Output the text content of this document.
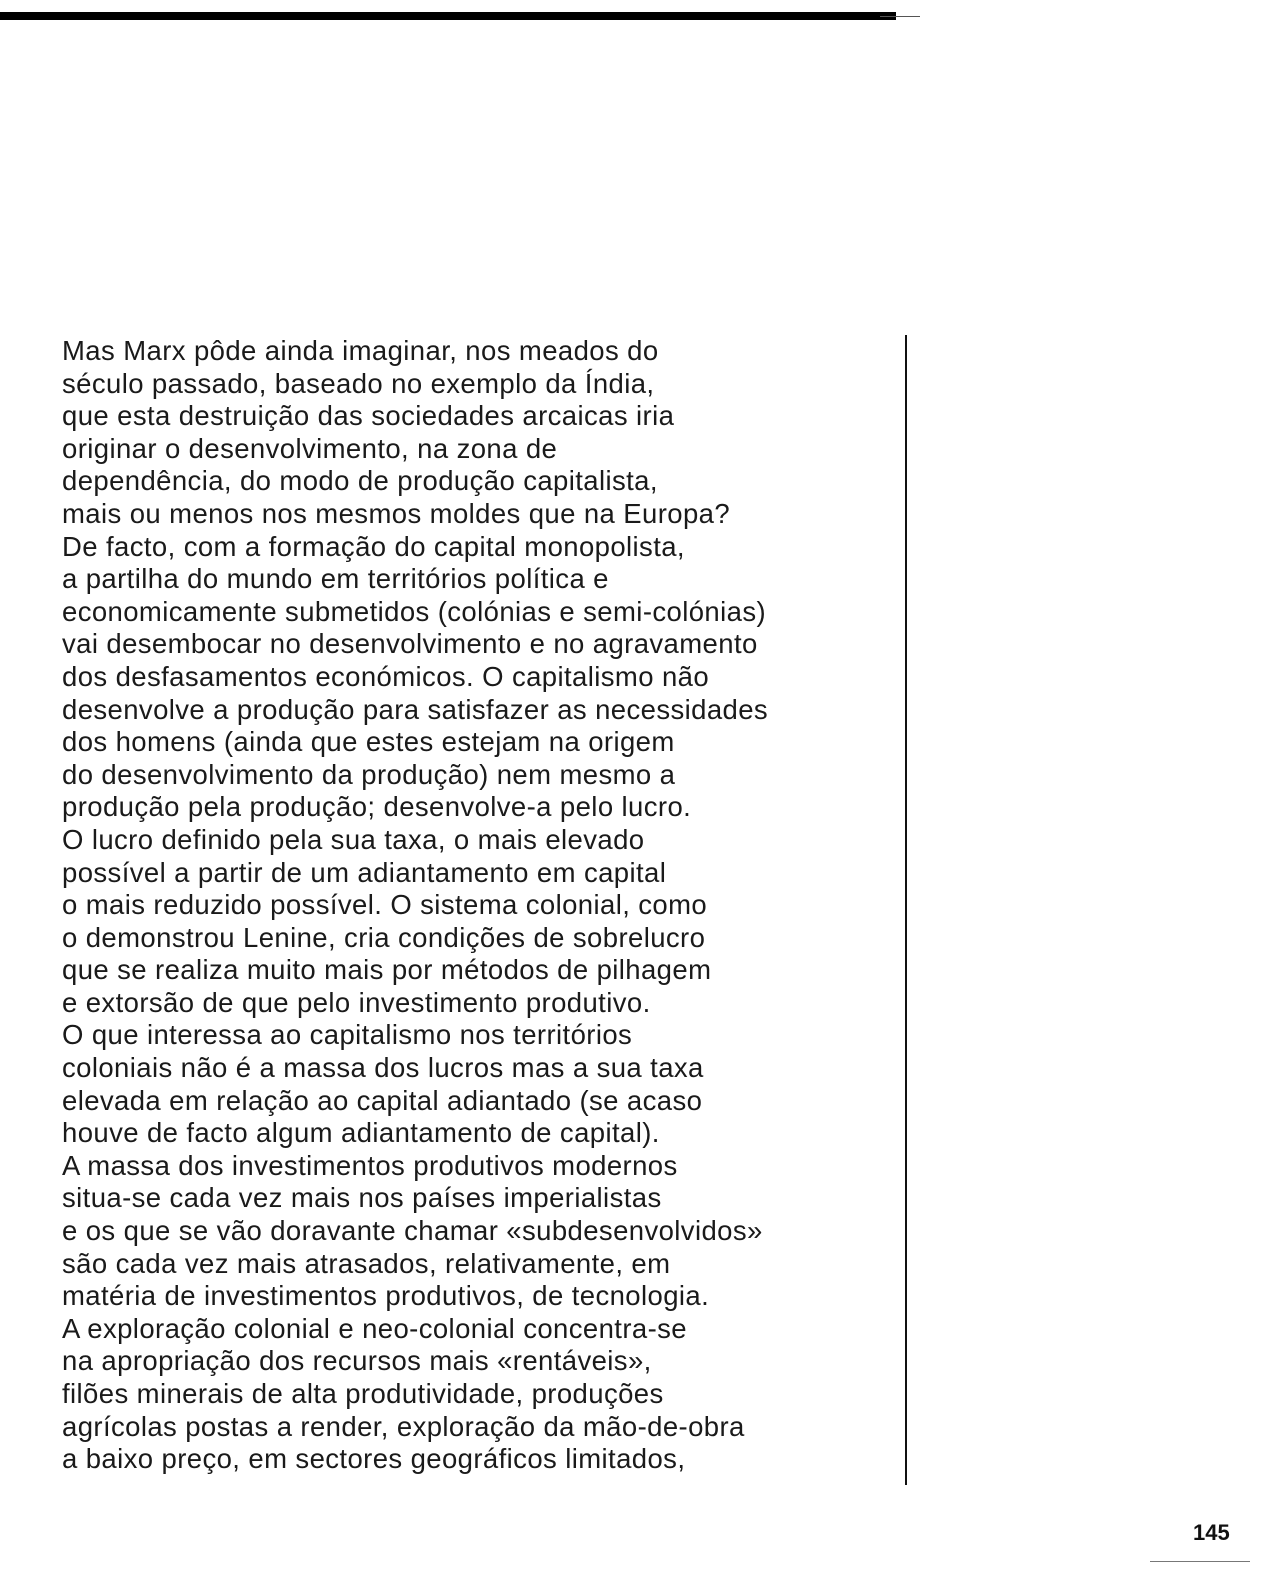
Mas Marx pôde ainda imaginar, nos meados do
século passado, baseado no exemplo da Índia,
que esta destruição das sociedades arcaicas iria
originar o desenvolvimento, na zona de
dependência, do modo de produção capitalista,
mais ou menos nos mesmos moldes que na Europa?
De facto, com a formação do capital monopolista,
a partilha do mundo em territórios política e
economicamente submetidos (colónias e semi-colónias)
vai desembocar no desenvolvimento e no agravamento
dos desfasamentos económicos. O capitalismo não
desenvolve a produção para satisfazer as necessidades
dos homens (ainda que estes estejam na origem
do desenvolvimento da produção) nem mesmo a
produção pela produção; desenvolve-a pelo lucro.
O lucro definido pela sua taxa, o mais elevado
possível a partir de um adiantamento em capital
o mais reduzido possível. O sistema colonial, como
o demonstrou Lenine, cria condições de sobrelucro
que se realiza muito mais por métodos de pilhagem
e extorsão de que pelo investimento produtivo.
O que interessa ao capitalismo nos territórios
coloniais não é a massa dos lucros mas a sua taxa
elevada em relação ao capital adiantado (se acaso
houve de facto algum adiantamento de capital).
A massa dos investimentos produtivos modernos
situa-se cada vez mais nos países imperialistas
e os que se vão doravante chamar «subdesenvolvidos»
são cada vez mais atrasados, relativamente, em
matéria de investimentos produtivos, de tecnologia.
A exploração colonial e neo-colonial concentra-se
na apropriação dos recursos mais «rentáveis»,
filões minerais de alta produtividade, produções
agrícolas postas a render, exploração da mão-de-obra
a baixo preço, em sectores geográficos limitados,
145
